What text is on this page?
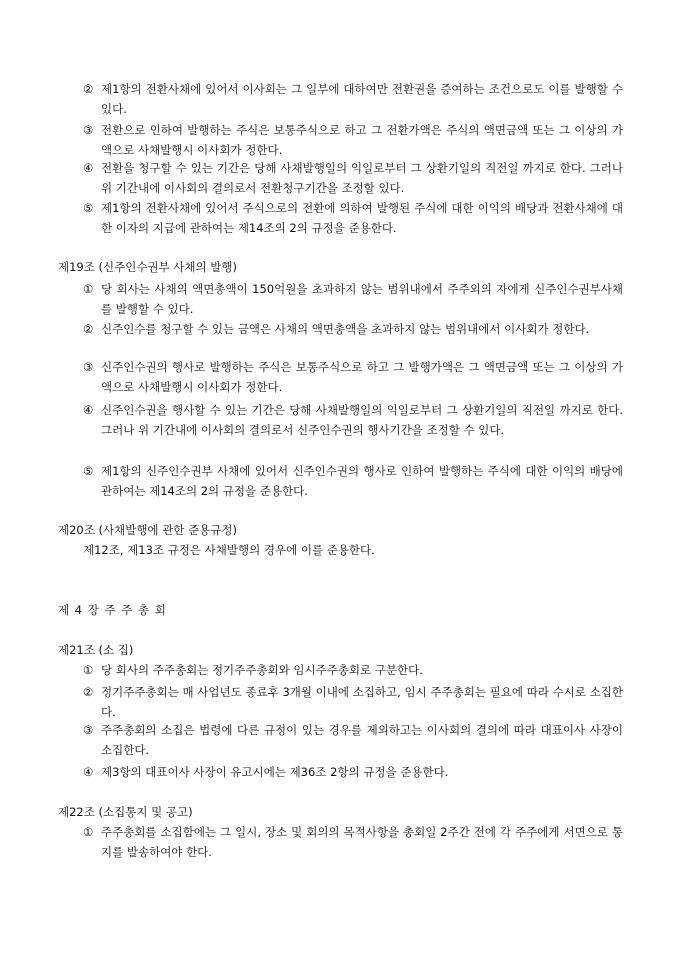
② 제1항의 전환사채에 있어서 이사회는 그 일부에 대하여만 전환권을 증여하는 조건으로도 이를 발행할 수 있다.
③ 전환으로 인하여 발행하는 주식은 보통주식으로 하고 그 전환가액은 주식의 액면금액 또는 그 이상의 가액으로 사채발행시 이사회가 정한다.
④ 전환을 청구할 수 있는 기간은 당해 사채발행일의 익일로부터 그 상환기일의 직전일 까지로 한다. 그러나 위 기간내에 이사회의 결의로서 전환청구기간을 조정할 있다.
⑤ 제1항의 전환사채에 있어서 주식으로의 전환에 의하여 발행된 주식에 대한 이익의 배당과 전환사채에 대한 이자의 지급에 관하여는 제14조의 2의 규정을 준용한다.
제19조 (신주인수권부 사채의 발행)
① 당 회사는 사채의 액면총액이 150억원을 초과하지 않는 범위내에서 주주외의 자에게 신주인수권부사채를 발행할 수 있다.
② 신주인수를 청구할 수 있는 금액은 사채의 액면총액을 초과하지 않는 범위내에서 이사회가 정한다.
③ 신주인수권의 행사로 발행하는 주식은 보통주식으로 하고 그 발행가액은 그 액면금액 또는 그 이상의 가액으로 사채발행시 이사회가 정한다.
④ 신주인수권을 행사할 수 있는 기간은 당해 사채발행일의 익일로부터 그 상환기일의 직전일 까지로 한다. 그러나 위 기간내에 이사회의 결의로서 신주인수권의 행사기간을 조정할 수 있다.
⑤ 제1항의 신주인수권부 사채에 있어서 신주인수권의 행사로 인하여 발행하는 주식에 대한 이익의 배당에 관하여는 제14조의 2의 규정을 준용한다.
제20조 (사채발행에 관한 준용규정)
제12조, 제13조 규정은 사채발행의 경우에 이를 준용한다.
제 4 장 주 주 총 회
제21조 (소 집)
① 당 회사의 주주총회는 정기주주총회와 임시주주총회로 구분한다.
② 정기주주총회는 매 사업년도 종료후 3개월 이내에 소집하고, 임시 주주총회는 필요에 따라 수시로 소집한다.
③ 주주총회의 소집은 법령에 다른 규정이 있는 경우를 제외하고는 이사회의 결의에 따라 대표이사 사장이 소집한다.
④ 제3항의 대표이사 사장이 유고시에는 제36조 2항의 규정을 준용한다.
제22조 (소집통지 및 공고)
① 주주총회를 소집함에는 그 일시, 장소 및 회의의 목적사항을 총회일 2주간 전에 각 주주에게 서면으로 통지를 발송하여야 한다.
